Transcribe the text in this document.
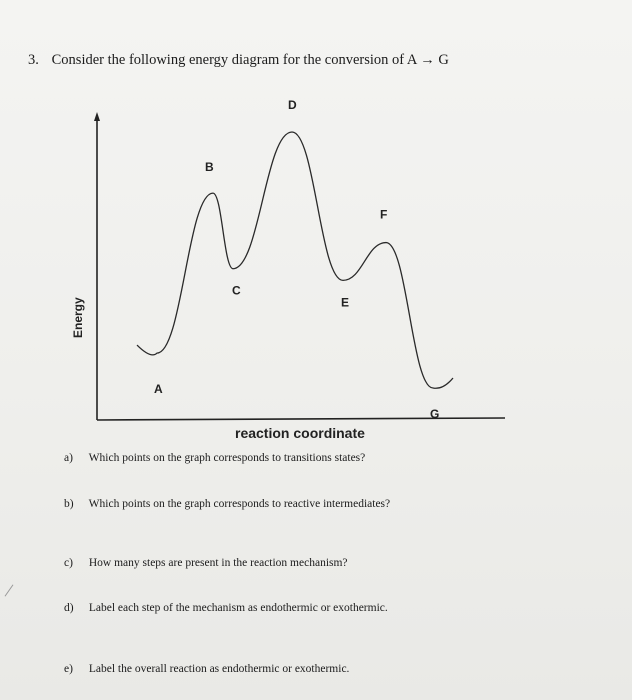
3. Consider the following energy diagram for the conversion of A → G
A
B
C
D
E
F
G
reaction coordinate
Energy
a) Which points on the graph corresponds to transitions states?
b) Which points on the graph corresponds to reactive intermediates?
c) How many steps are present in the reaction mechanism?
d) Label each step of the mechanism as endothermic or exothermic.
e) Label the overall reaction as endothermic or exothermic.
